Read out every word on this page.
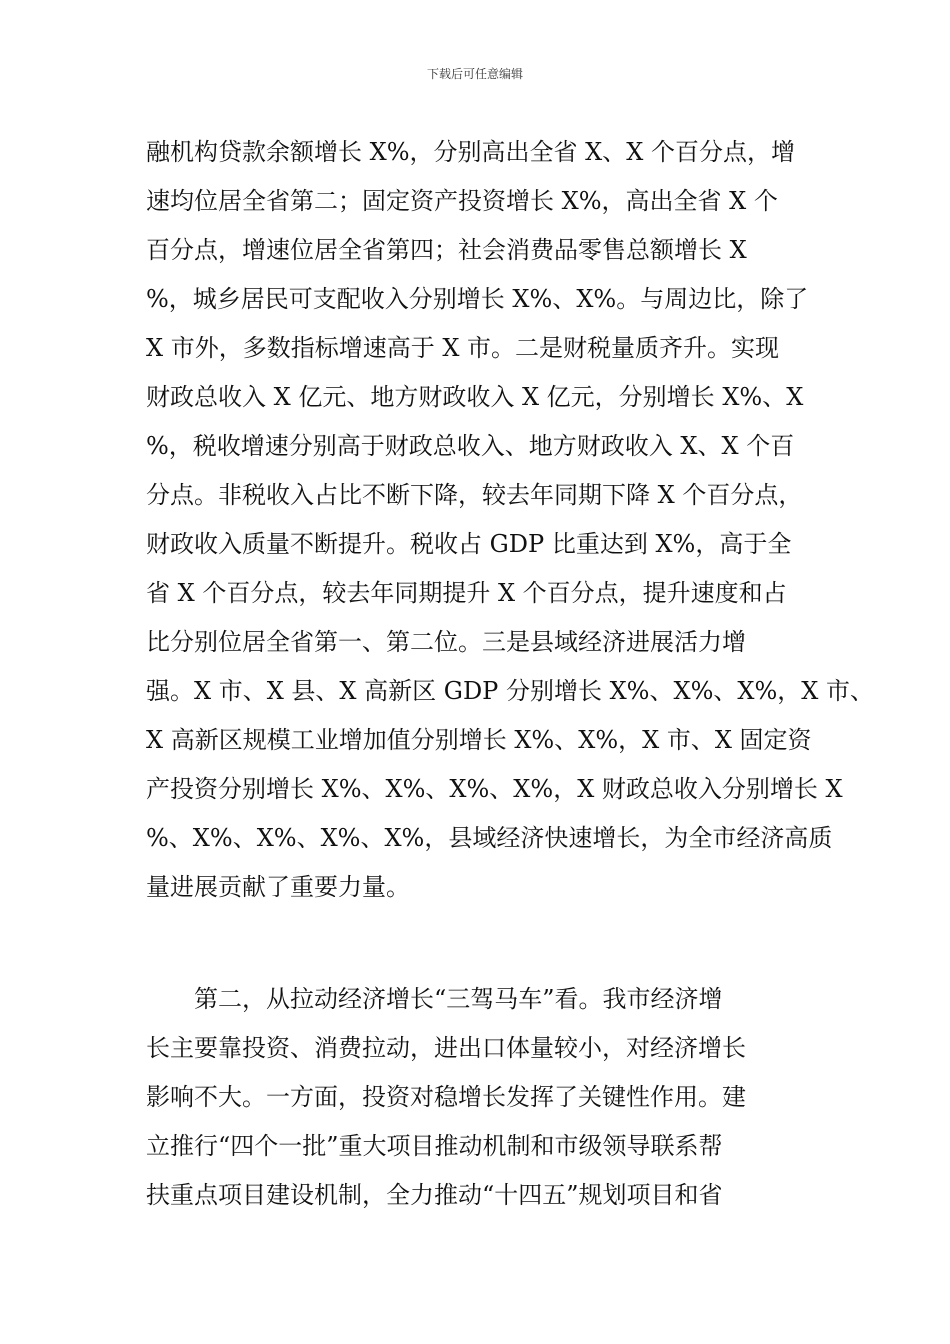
下载后可任意编辑
融机构贷款余额增长 X%，分别高出全省 X、X 个百分点，增
速均位居全省第二；固定资产投资增长 X%，高出全省 X 个
百分点，增速位居全省第四；社会消费品零售总额增长 X
%，城乡居民可支配收入分别增长 X%、X%。与周边比，除了
X 市外，多数指标增速高于 X 市。二是财税量质齐升。实现
财政总收入 X 亿元、地方财政收入 X 亿元，分别增长 X%、X
%，税收增速分别高于财政总收入、地方财政收入 X、X 个百
分点。非税收入占比不断下降，较去年同期下降 X 个百分点，
财政收入质量不断提升。税收占 GDP 比重达到 X%，高于全
省 X 个百分点，较去年同期提升 X 个百分点，提升速度和占
比分别位居全省第一、第二位。三是县域经济进展活力增
强。X 市、X 县、X 高新区 GDP 分别增长 X%、X%、X%，X 市、
X 高新区规模工业增加值分别增长 X%、X%，X 市、X 固定资
产投资分别增长 X%、X%、X%、X%，X 财政总收入分别增长 X
%、X%、X%、X%、X%，县域经济快速增长，为全市经济高质
量进展贡献了重要力量。
　　第二，从拉动经济增长“三驾马车”看。我市经济增
长主要靠投资、消费拉动，进出口体量较小，对经济增长
影响不大。一方面，投资对稳增长发挥了关键性作用。建
立推行“四个一批”重大项目推动机制和市级领导联系帮
扶重点项目建设机制，全力推动“十四五”规划项目和省
